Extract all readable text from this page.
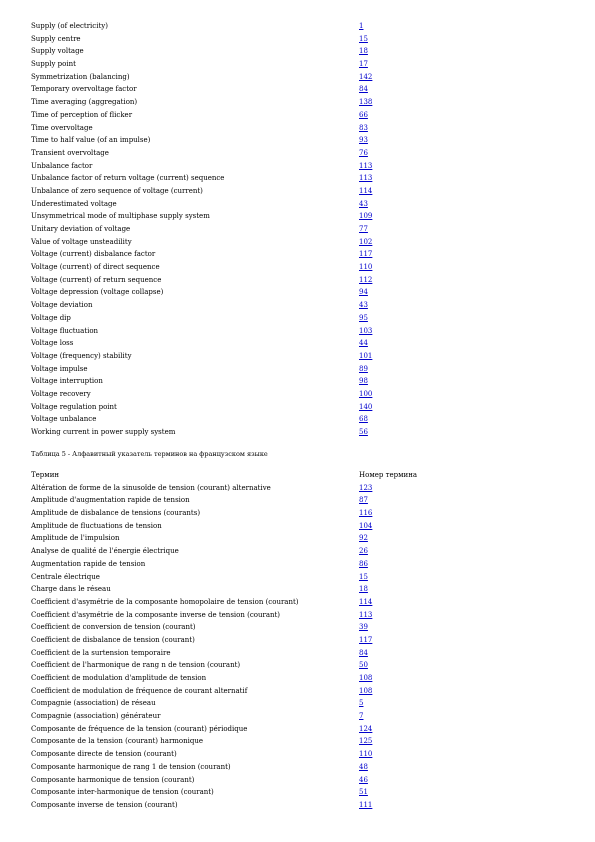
Supply (of electricity)	1
Supply centre	15
Supply voltage	18
Supply point	17
Symmetrization (balancing)	142
Temporary overvoltage factor	84
Time averaging (aggregation)	138
Time of perception of flicker	66
Time overvoltage	83
Time to half value (of an impulse)	93
Transient overvoltage	76
Unbalance factor	113
Unbalance factor of return voltage (current) sequence	113
Unbalance of zero sequence of voltage (current)	114
Underestimated voltage	43
Unsymmetrical mode of multiphase supply system	109
Unitary deviation of voltage	77
Value of voltage unsteadility	102
Voltage (current) disbalance factor	117
Voltage (current) of direct sequence	110
Voltage (current) of return sequence	112
Voltage depression (voltage collapse)	94
Voltage deviation	43
Voltage dip	95
Voltage fluctuation	103
Voltage loss	44
Voltage (frequency) stability	101
Voltage impulse	89
Voltage interruption	98
Voltage recovery	100
Voltage regulation point	140
Voltage unbalance	68
Working current in power supply system	56
Таблица 5 - Алфавитный указатель терминов на французском языке
Термин	Номер термина
Altération de forme de la sinusoïde de tension (courant) alternative	123
Amplitude d'augmentation rapide de tension	87
Amplitude de disbalance de tensions (courants)	116
Amplitude de fluctuations de tension	104
Amplitude de l'impulsion	92
Analyse de qualité de l'énergie électrique	26
Augmentation rapide de tension	86
Centrale électrique	15
Charge dans le réseau	18
Coefficient d'asymétrie de la composante homopolaire de tension (courant)	114
Coefficient d'asymétrie de la composante inverse de tension (courant)	113
Coefficient de conversion de tension (courant)	39
Coefficient de disbalance de tension (courant)	117
Coefficient de la surtension temporaire	84
Coefficient de l'harmonique de rang n de tension (courant)	50
Coefficient de modulation d'amplitude de tension	108
Coefficient de modulation de fréquence de courant alternatif	108
Compagnie (association) de réseau	5
Compagnie (association) générateur	7
Composante de fréquence de la tension (courant) périodique	124
Composante de la tension (courant) harmonique	125
Composante directe de tension (courant)	110
Composante harmonique de rang 1 de tension (courant)	48
Composante harmonique de tension (courant)	46
Composante inter-harmonique de tension (courant)	51
Composante inverse de tension (courant)	111
